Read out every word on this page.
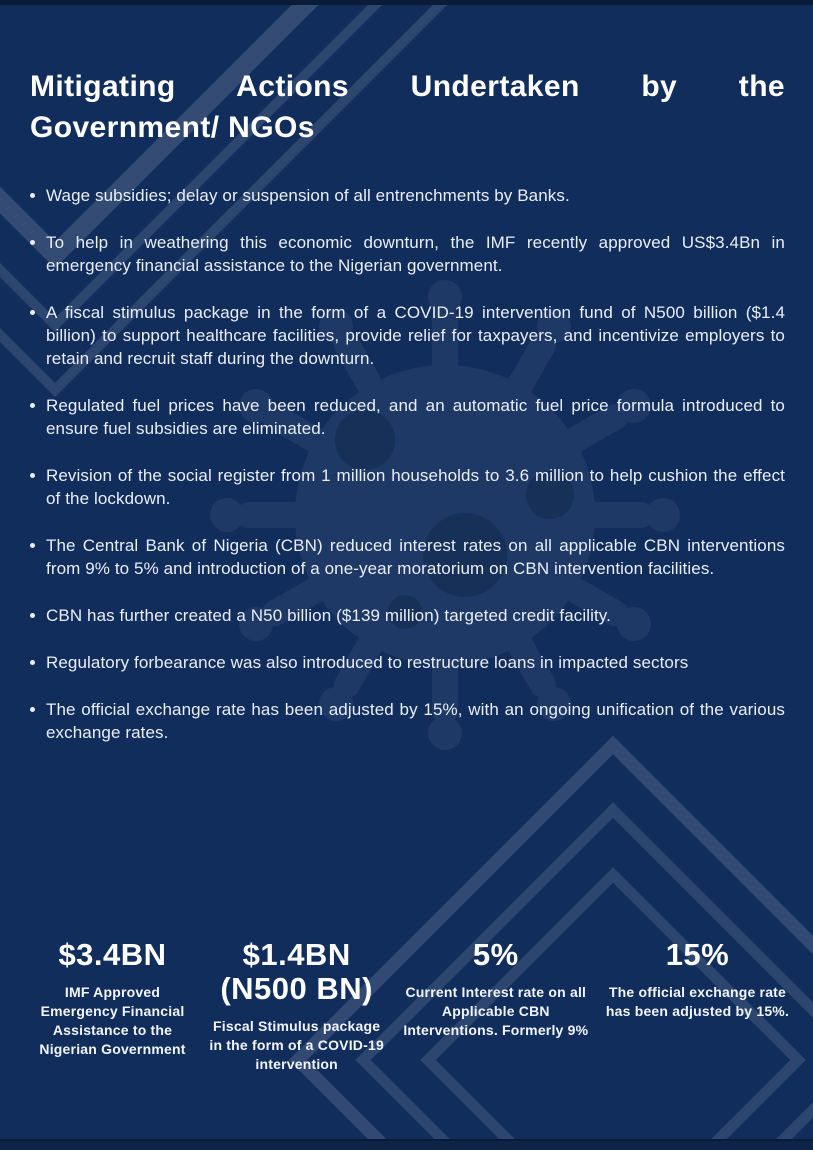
Mitigating Actions Undertaken by the
Government/ NGOs
Wage subsidies; delay or suspension of all entrenchments by Banks.
To help in weathering this economic downturn, the IMF recently approved US$3.4Bn in emergency financial assistance to the Nigerian government.
A fiscal stimulus package in the form of a COVID-19 intervention fund of N500 billion ($1.4 billion) to support healthcare facilities, provide relief for taxpayers, and incentivize employers to retain and recruit staff during the downturn.
Regulated fuel prices have been reduced, and an automatic fuel price formula introduced to ensure fuel subsidies are eliminated.
Revision of the social register from 1 million households to 3.6 million to help cushion the effect of the lockdown.
The Central Bank of Nigeria (CBN) reduced interest rates on all applicable CBN interventions from 9% to 5% and introduction of a one-year moratorium on CBN intervention facilities.
CBN has further created a N50 billion ($139 million) targeted credit facility.
Regulatory forbearance was also introduced to restructure loans in impacted sectors
The official exchange rate has been adjusted by 15%, with an ongoing unification of the various exchange rates.
$3.4BN
IMF Approved Emergency Financial Assistance to the Nigerian Government
$1.4BN
(N500 BN)
Fiscal Stimulus package in the form of a COVID-19 intervention
5%
Current Interest rate on all Applicable CBN Interventions. Formerly 9%
15%
The official exchange rate has been adjusted by 15%.
